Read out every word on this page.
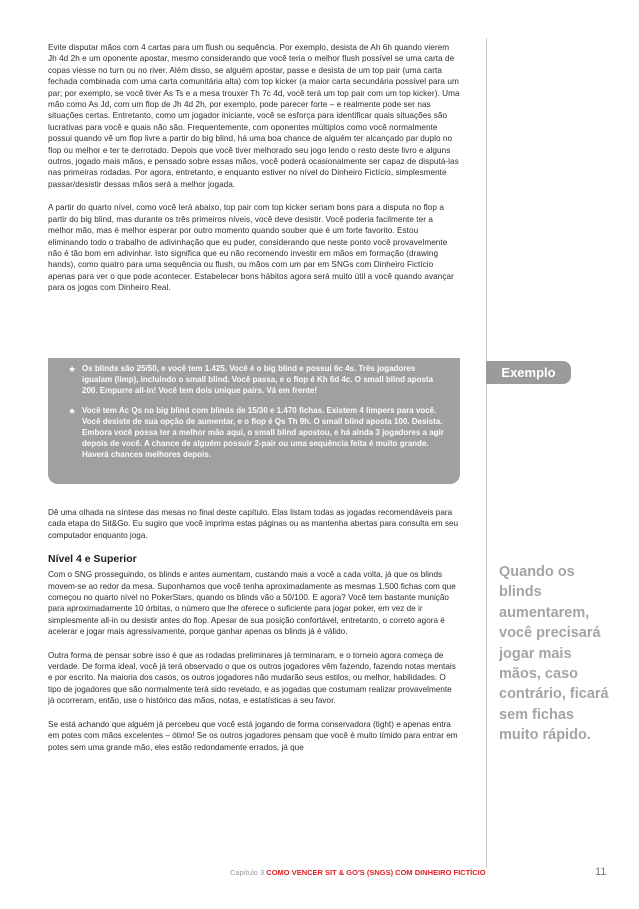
Evite disputar mãos com 4 cartas para um flush ou sequência. Por exemplo, desista de Ah 6h quando vierem Jh 4d 2h e um oponente apostar, mesmo considerando que você teria o melhor flush possível se uma carta de copas viesse no turn ou no river. Além disso, se alguém apostar, passe e desista de um top pair (uma carta fechada combinada com uma carta comunitária alta) com top kicker (a maior carta secundária possível para um par; por exemplo, se você tiver As Ts e a mesa trouxer Th 7c 4d, você terá um top pair com um top kicker). Uma mão como As Jd, com um flop de Jh 4d 2h, por exemplo, pode parecer forte – e realmente pode ser nas situações certas. Entretanto, como um jogador iniciante, você se esforça para identificar quais situações são lucrativas para você e quais não são. Frequentemente, com oponentes múltiplos como você normalmente possui quando vê um flop livre a partir do big blind, há uma boa chance de alguém ter alcançado par duplo no flop ou melhor e ter te derrotado. Depois que você tiver melhorado seu jogo lendo o resto deste livro e alguns outros, jogado mais mãos, e pensado sobre essas mãos, você poderá ocasionalmente ser capaz de disputá-las nas primeiras rodadas. Por agora, entretanto, e enquanto estiver no nível do Dinheiro Fictício, simplesmente passar/desistir dessas mãos será a melhor jogada.

A partir do quarto nível, como você lerá abaixo, top pair com top kicker seriam bons para a disputa no flop a partir do big blind, mas durante os três primeiros níveis, você deve desistir. Você poderia facilmente ter a melhor mão, mas é melhor esperar por outro momento quando souber que é um forte favorito. Estou eliminando todo o trabalho de adivinhação que eu puder, considerando que neste ponto você provavelmente não é tão bom em adivinhar. Isto significa que eu não recomendo investir em mãos em formação (drawing hands), como quatro para uma sequência ou flush, ou mãos com um par em SNGs com Dinheiro Fictício apenas para ver o que pode acontecer. Estabelecer bons hábitos agora será muito útil a você quando avançar para os jogos com Dinheiro Real.

★ Os blinds são 25/50, e você tem 1.425. Você é o big blind e possui 6c 4s. Três jogadores igualam (limp), incluindo o small blind. Você passa, e o flop é Kh 6d 4c. O small blind aposta 200. Empurre all-in! Você tem dois unique pairs. Vá em frente!
★ Você tem Ac Qs no big blind com blinds de 15/30 e 1.470 fichas. Existem 4 limpers para você. Você desiste de sua opção de aumentar, e o flop é Qs Th 9h. O small blind aposta 100. Desista. Embora você possa ter a melhor mão aqui, o small blind apostou, e há ainda 3 jogadores a agir depois de você. A chance de alguém possuir 2-pair ou uma sequência feita é muito grande. Haverá chances melhores depois.
Exemplo

Dê uma olhada na síntese das mesas no final deste capítulo. Elas listam todas as jogadas recomendáveis para cada etapa do Sit&Go. Eu sugiro que você imprima estas páginas ou as mantenha abertas para consulta em seu computador enquanto joga.

Nível 4 e Superior

Com o SNG prosseguindo, os blinds e antes aumentam, custando mais a você a cada volta, já que os blinds movem-se ao redor da mesa. Suponhamos que você tenha aproximadamente as mesmas 1.500 fichas com que começou no quarto nível no PokerStars, quando os blinds vão a 50/100. E agora? Você tem bastante munição para aproximadamente 10 órbitas, o número que lhe oferece o suficiente para jogar poker, em vez de ir simplesmente all-in ou desistir antes do flop. Apesar de sua posição confortável, entretanto, o correto agora é acelerar e jogar mais agressivamente, porque ganhar apenas os blinds já é válido.

Outra forma de pensar sobre isso é que as rodadas preliminares já terminaram, e o torneio agora começa de verdade. De forma ideal, você já terá observado o que os outros jogadores vêm fazendo, fazendo notas mentais e por escrito. Na maioria dos casos, os outros jogadores não mudarão seus estilos, ou melhor, habilidades. O tipo de jogadores que são normalmente terá sido revelado, e as jogadas que costumam realizar provavelmente já ocorreram, então, use o histórico das mãos, notas, e estatísticas a seu favor.

Se está achando que alguém já percebeu que você está jogando de forma conservadora (tight) e apenas entra em potes com mãos excelentes – ótimo! Se os outros jogadores pensam que você é muito tímido para entrar em potes sem uma grande mão, eles estão redondamente errados, já que

Quando os blinds aumentarem, você precisará jogar mais mãos, caso contrário, ficará sem fichas muito rápido.
Capítulo 3 COMO VENCER SIT & GO'S (SNGS) COM DINHEIRO FICTÍCIO	11
